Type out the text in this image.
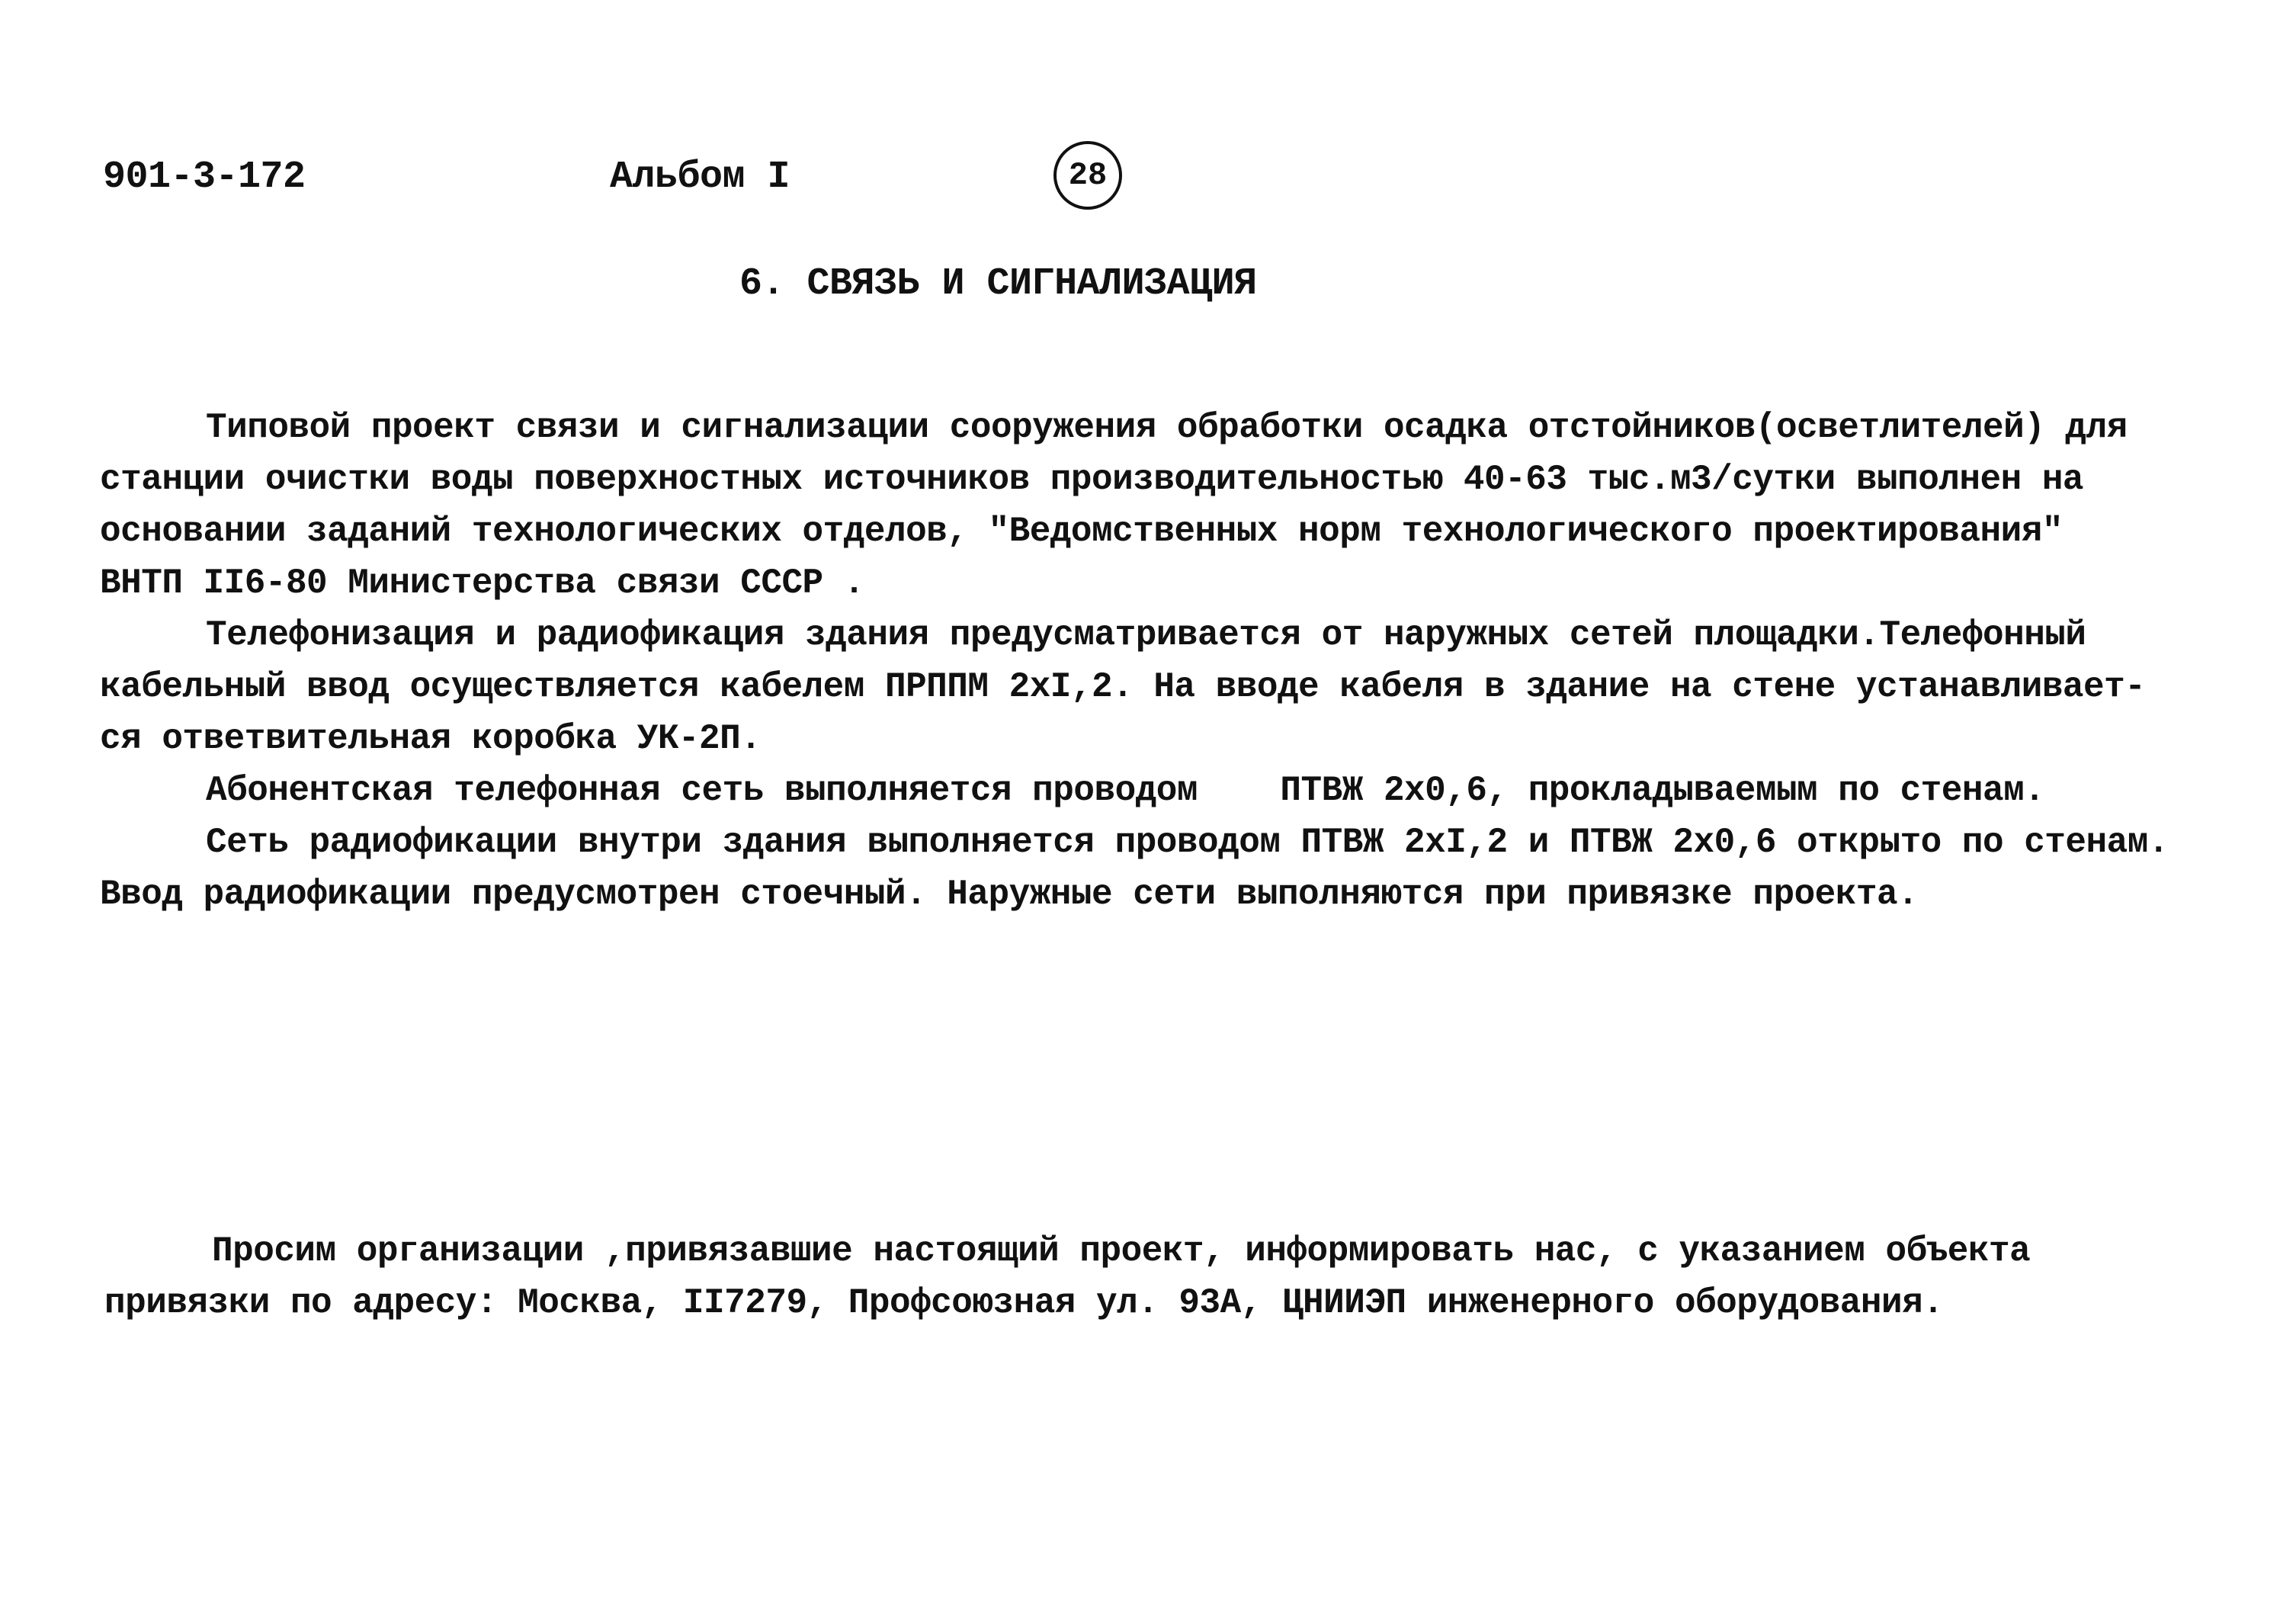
901-3-172	Альбом I	28
6. СВЯЗЬ И СИГНАЛИЗАЦИЯ
Типовой проект связи и сигнализации сооружения обработки осадка отстойников(осветлителей) для
станции очистки воды поверхностных источников производительностью 40-63 тыс.м3/сутки выполнен на
основании заданий технологических отделов, "Ведомственных норм технологического проектирования"
ВНТП II6-80 Министерства связи СССР .
Телефонизация и радиофикация здания предусматривается от наружных сетей площадки.Телефонный
кабельный ввод осуществляется кабелем ПРППМ 2хI,2. На вводе кабеля в здание на стене устанавливает-
ся ответвительная коробка УК-2П.
Абонентская телефонная сеть выполняется проводом    ПТВЖ 2х0,6, прокладываемым по стенам.
Сеть радиофикации внутри здания выполняется проводом ПТВЖ 2хI,2 и ПТВЖ 2х0,6 открыто по стенам.
Ввод радиофикации предусмотрен стоечный. Наружные сети выполняются при привязке проекта.
Просим организации ,привязавшие настоящий проект, информировать нас, с указанием объекта
привязки по адресу: Москва, II7279, Профсоюзная ул. 93А, ЦНИИЭП инженерного оборудования.
